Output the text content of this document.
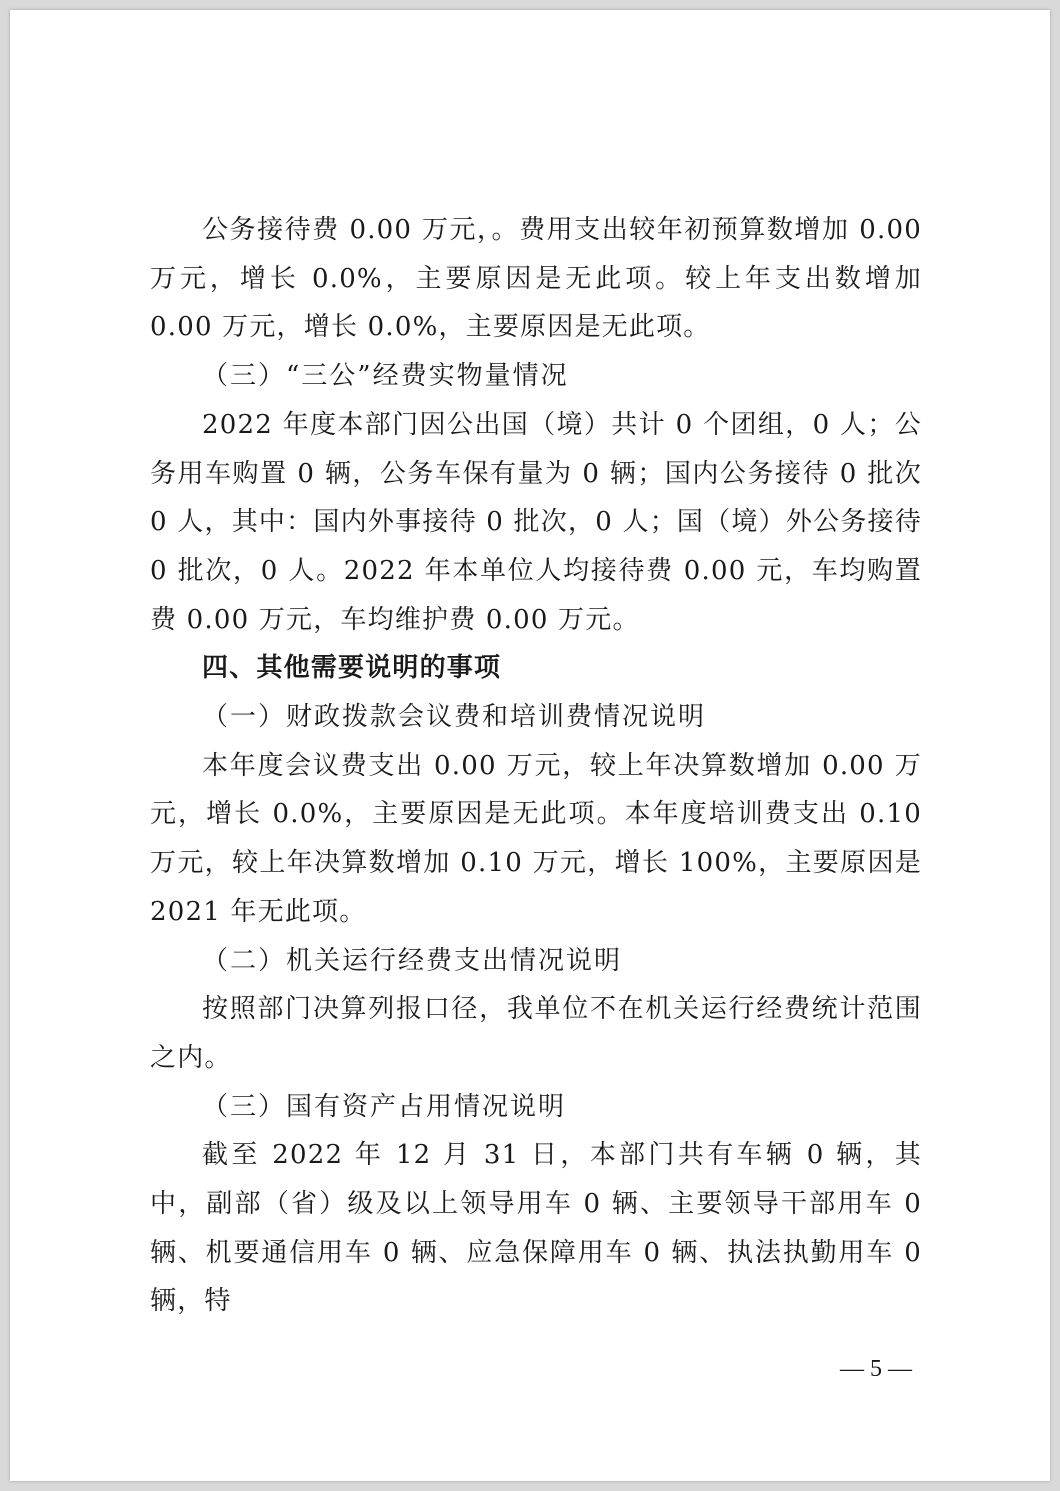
公务接待费 0.00 万元，。费用支出较年初预算数增加 0.00 万元，增长 0.0%，主要原因是无此项。较上年支出数增加 0.00 万元，增长 0.0%，主要原因是无此项。

（三）“三公”经费实物量情况

2022 年度本部门因公出国（境）共计 0 个团组，0 人；公务用车购置 0 辆，公务车保有量为 0 辆；国内公务接待 0 批次 0 人，其中：国内外事接待 0 批次，0 人；国（境）外公务接待 0 批次，0 人。2022 年本单位人均接待费 0.00 元，车均购置费 0.00 万元，车均维护费 0.00 万元。

四、其他需要说明的事项

（一）财政拨款会议费和培训费情况说明

本年度会议费支出 0.00 万元，较上年决算数增加 0.00 万元，增长 0.0%，主要原因是无此项。本年度培训费支出 0.10 万元，较上年决算数增加 0.10 万元，增长 100%，主要原因是 2021 年无此项。

（二）机关运行经费支出情况说明

按照部门决算列报口径，我单位不在机关运行经费统计范围之内。

（三）国有资产占用情况说明

截至 2022 年 12 月 31 日，本部门共有车辆 0 辆，其中，副部（省）级及以上领导用车 0 辆、主要领导干部用车 0 辆、机要通信用车 0 辆、应急保障用车 0 辆、执法执勤用车 0 辆，特

— 5 —
